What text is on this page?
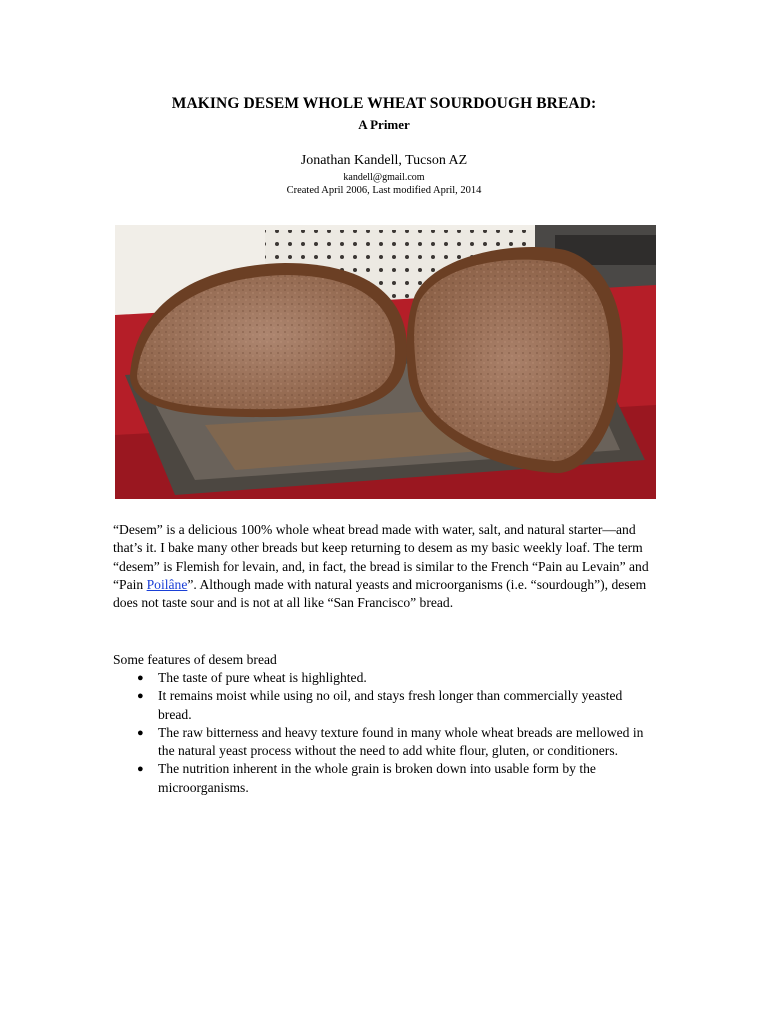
MAKING DESEM WHOLE WHEAT SOURDOUGH BREAD:
A Primer
Jonathan Kandell, Tucson AZ
kandell@gmail.com
Created April 2006, Last modified April, 2014
“Desem” is a delicious 100% whole wheat bread made with water, salt, and natural starter—and that’s it. I bake many other breads but keep returning to desem as my basic weekly loaf. The term “desem” is Flemish for levain, and, in fact, the bread is similar to the French “Pain au Levain” and “Pain Poilâne”. Although made with natural yeasts and microorganisms (i.e. “sourdough”), desem does not taste sour and is not at all like “San Francisco” bread.
Some features of desem bread
● The taste of pure wheat is highlighted.
● It remains moist while using no oil, and stays fresh longer than commercially yeasted bread.
● The raw bitterness and heavy texture found in many whole wheat breads are mellowed in the natural yeast process without the need to add white flour, gluten, or conditioners.
● The nutrition inherent in the whole grain is broken down into usable form by the microorganisms.
